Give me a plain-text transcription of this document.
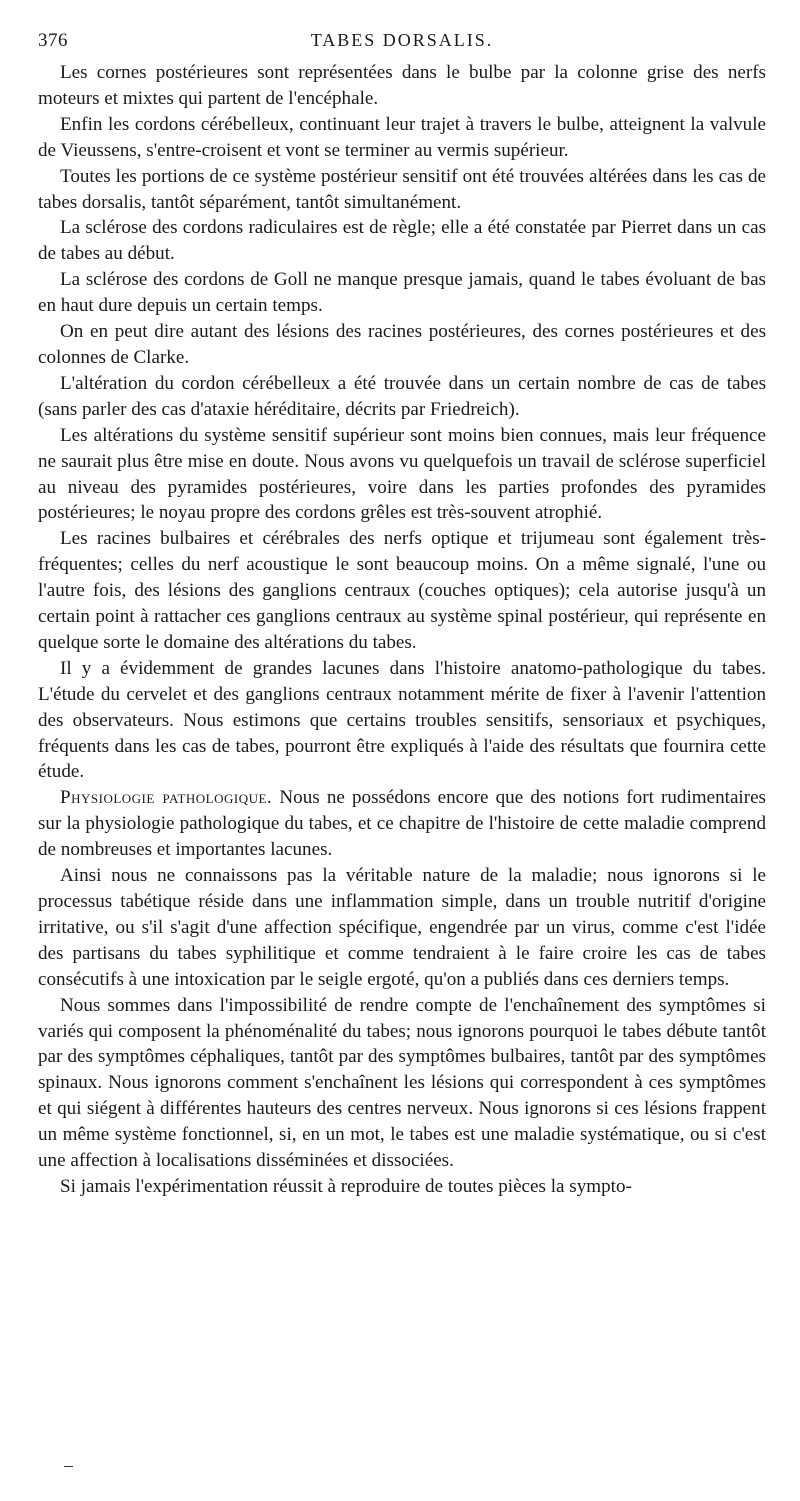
376	TABES DORSALIS.

Les cornes postérieures sont représentées dans le bulbe par la colonne grise des nerfs moteurs et mixtes qui partent de l'encéphale.

Enfin les cordons cérébelleux, continuant leur trajet à travers le bulbe, atteignent la valvule de Vieussens, s'entre-croisent et vont se terminer au vermis supérieur.

Toutes les portions de ce système postérieur sensitif ont été trouvées altérées dans les cas de tabes dorsalis, tantôt séparément, tantôt simultanément.

La sclérose des cordons radiculaires est de règle; elle a été constatée par Pierret dans un cas de tabes au début.

La sclérose des cordons de Goll ne manque presque jamais, quand le tabes évoluant de bas en haut dure depuis un certain temps.

On en peut dire autant des lésions des racines postérieures, des cornes postérieures et des colonnes de Clarke.

L'altération du cordon cérébelleux a été trouvée dans un certain nombre de cas de tabes (sans parler des cas d'ataxie héréditaire, décrits par Friedreich).

Les altérations du système sensitif supérieur sont moins bien connues, mais leur fréquence ne saurait plus être mise en doute. Nous avons vu quelquefois un travail de sclérose superficiel au niveau des pyramides postérieures, voire dans les parties profondes des pyramides postérieures; le noyau propre des cordons grêles est très-souvent atrophié.

Les racines bulbaires et cérébrales des nerfs optique et trijumeau sont également très-fréquentes; celles du nerf acoustique le sont beaucoup moins. On a même signalé, l'une ou l'autre fois, des lésions des ganglions centraux (couches optiques); cela autorise jusqu'à un certain point à rattacher ces ganglions centraux au système spinal postérieur, qui représente en quelque sorte le domaine des altérations du tabes.

Il y a évidemment de grandes lacunes dans l'histoire anatomo-pathologique du tabes. L'étude du cervelet et des ganglions centraux notamment mérite de fixer à l'avenir l'attention des observateurs. Nous estimons que certains troubles sensitifs, sensoriaux et psychiques, fréquents dans les cas de tabes, pourront être expliqués à l'aide des résultats que fournira cette étude.

Physiologie pathologique. Nous ne possédons encore que des notions fort rudimentaires sur la physiologie pathologique du tabes, et ce chapitre de l'histoire de cette maladie comprend de nombreuses et importantes lacunes.

Ainsi nous ne connaissons pas la véritable nature de la maladie; nous ignorons si le processus tabétique réside dans une inflammation simple, dans un trouble nutritif d'origine irritative, ou s'il s'agit d'une affection spécifique, engendrée par un virus, comme c'est l'idée des partisans du tabes syphilitique et comme tendraient à le faire croire les cas de tabes consécutifs à une intoxication par le seigle ergoté, qu'on a publiés dans ces derniers temps.

Nous sommes dans l'impossibilité de rendre compte de l'enchaînement des symptômes si variés qui composent la phénoménalité du tabes; nous ignorons pourquoi le tabes débute tantôt par des symptômes céphaliques, tantôt par des symptômes bulbaires, tantôt par des symptômes spinaux. Nous ignorons comment s'enchaînent les lésions qui correspondent à ces symptômes et qui siégent à différentes hauteurs des centres nerveux. Nous ignorons si ces lésions frappent un même système fonctionnel, si, en un mot, le tabes est une maladie systématique, ou si c'est une affection à localisations disséminées et dissociées.

Si jamais l'expérimentation réussit à reproduire de toutes pièces la sympto-
